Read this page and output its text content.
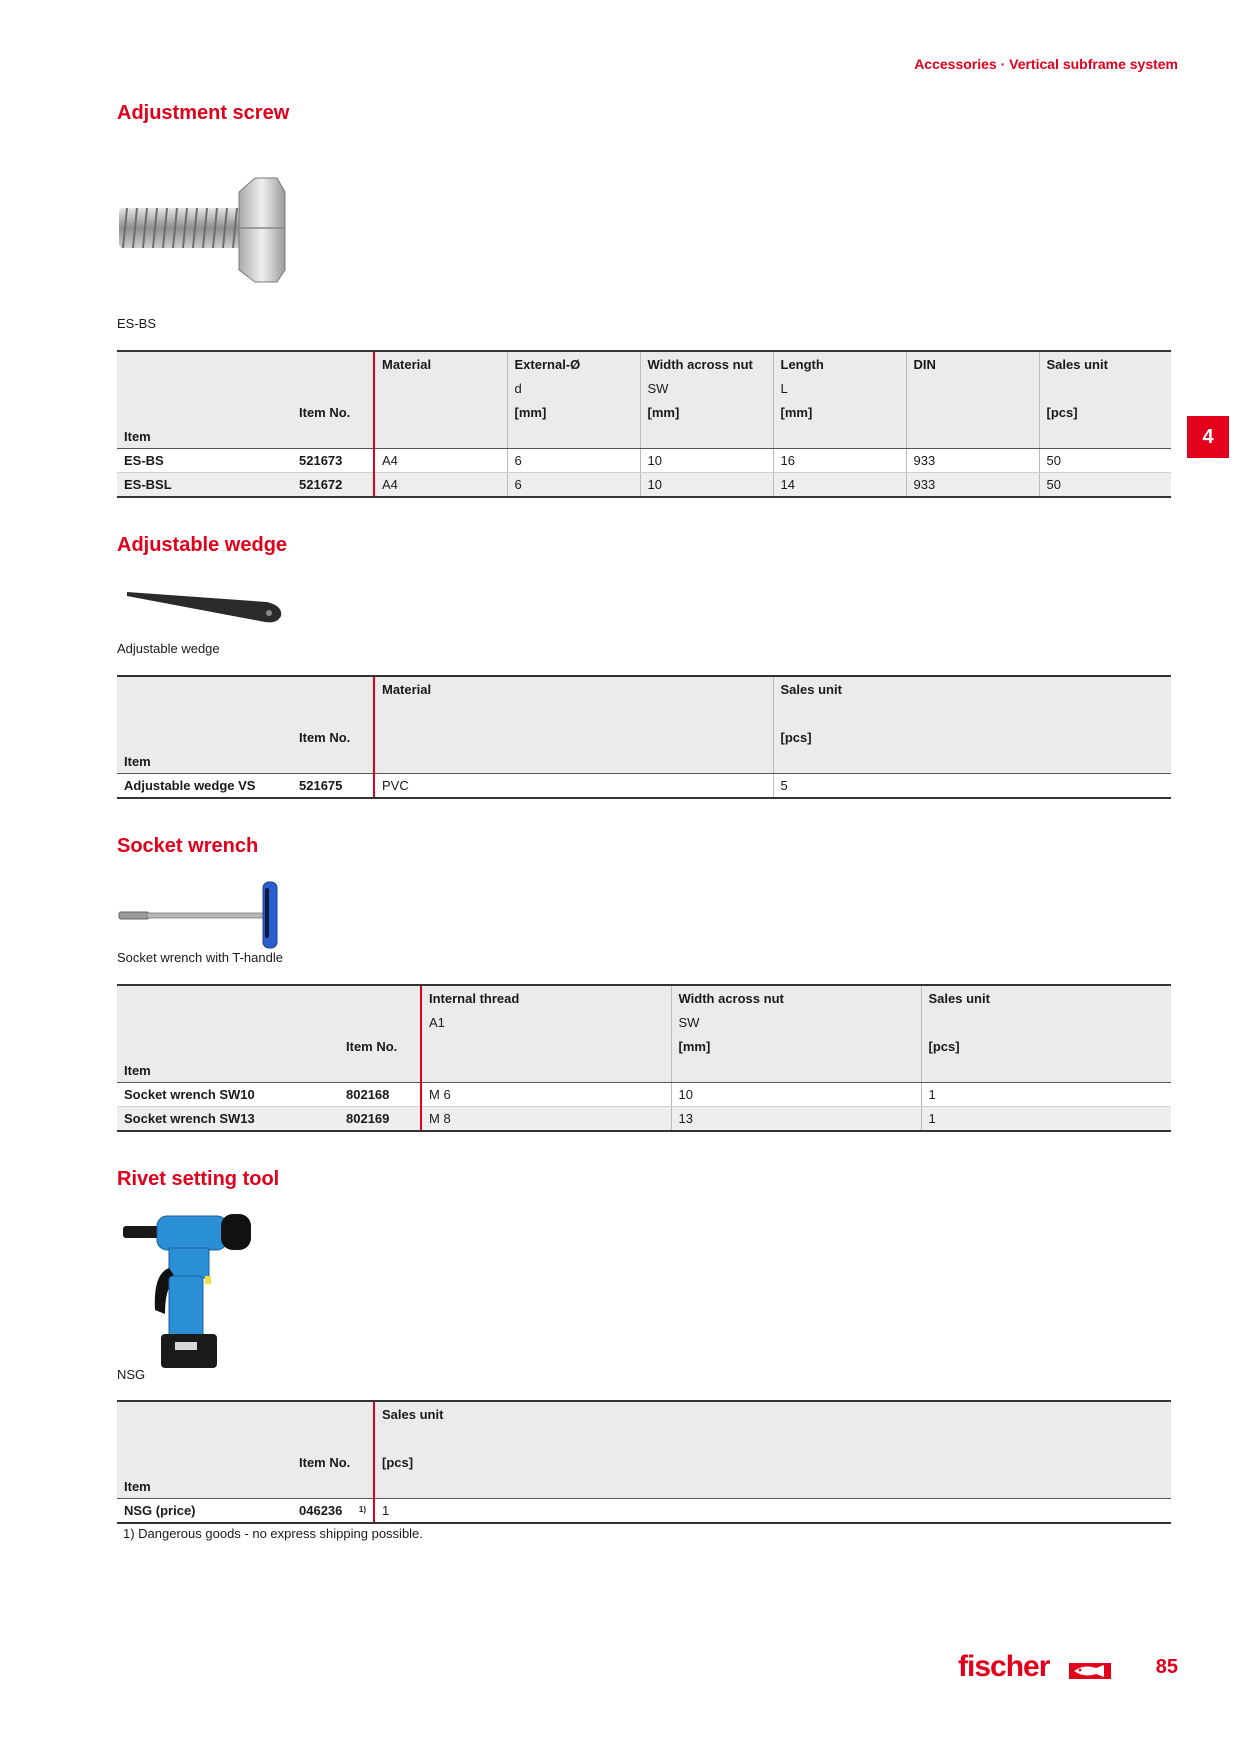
Accessories · Vertical subframe system
Adjustment screw
ES-BS
		Material	External-Ø	Width across nut	Length	DIN	Sales unit
			d	SW	L		
	Item No.		[mm]	[mm]	[mm]		[pcs]
Item							
ES-BS	521673	A4	6	10	16	933	50
ES-BSL	521672	A4	6	10	14	933	50
Adjustable wedge
Adjustable wedge
		Material	Sales unit

	Item No.		[pcs]
Item			
Adjustable wedge VS	521675	PVC	5
Socket wrench
Socket wrench with T-handle
		Internal thread	Width across nut	Sales unit
		A1	SW	
	Item No.		[mm]	[pcs]
Item				
Socket wrench SW10	802168	M 6	10	1
Socket wrench SW13	802169	M 8	13	1
Rivet setting tool
NSG
		Sales unit

	Item No.	[pcs]
Item		
NSG (price)	046236 1)	1
1) Dangerous goods - no express shipping possible.
4
fischer	85
